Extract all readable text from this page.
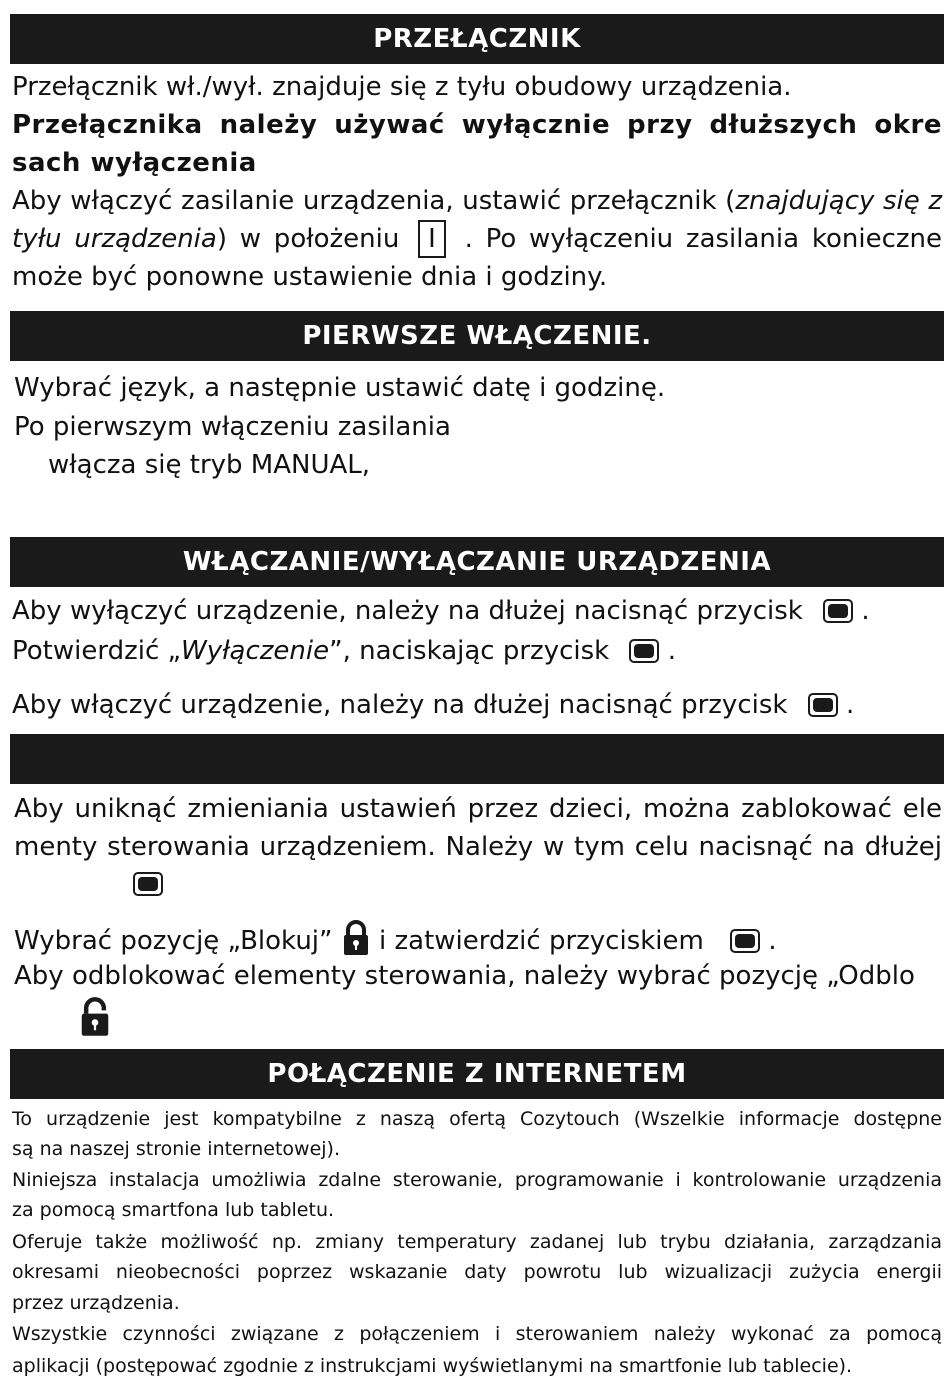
PRZEŁĄCZNIK
Przełącznik wł./wył. znajduje się z tyłu obudowy urządzenia.
Przełącznika należy używać wyłącznie przy dłuższych okre
sach wyłączenia
Aby włączyć zasilanie urządzenia, ustawić przełącznik (znajdujący się z
tyłu urządzenia) w położeniu I . Po wyłączeniu zasilania konieczne
może być ponowne ustawienie dnia i godziny.
PIERWSZE WŁĄCZENIE.
Wybrać język, a następnie ustawić datę i godzinę.
Po pierwszym włączeniu zasilania
włącza się tryb MANUAL,
WŁĄCZANIE/WYŁĄCZANIE URZĄDZENIA
Aby wyłączyć urządzenie, należy na dłużej nacisnąć przycisk .
Potwierdzić „Wyłączenie”, naciskając przycisk .
Aby włączyć urządzenie, należy na dłużej nacisnąć przycisk .
Aby uniknąć zmieniania ustawień przez dzieci, można zablokować ele
menty sterowania urządzeniem. Należy w tym celu nacisnąć na dłużej
Wybrać pozycję „Blokuj” i zatwierdzić przyciskiem .
Aby odblokować elementy sterowania, należy wybrać pozycję „Odblo
POŁĄCZENIE Z INTERNETEM
To urządzenie jest kompatybilne z naszą ofertą Cozytouch (Wszelkie informacje dostępne
są na naszej stronie internetowej).
Niniejsza instalacja umożliwia zdalne sterowanie, programowanie i kontrolowanie urządzenia
za pomocą smartfona lub tabletu.
Oferuje także możliwość np. zmiany temperatury zadanej lub trybu działania, zarządzania
okresami nieobecności poprzez wskazanie daty powrotu lub wizualizacji zużycia energii
przez urządzenia.
Wszystkie czynności związane z połączeniem i sterowaniem należy wykonać za pomocą
aplikacji (postępować zgodnie z instrukcjami wyświetlanymi na smartfonie lub tablecie).
